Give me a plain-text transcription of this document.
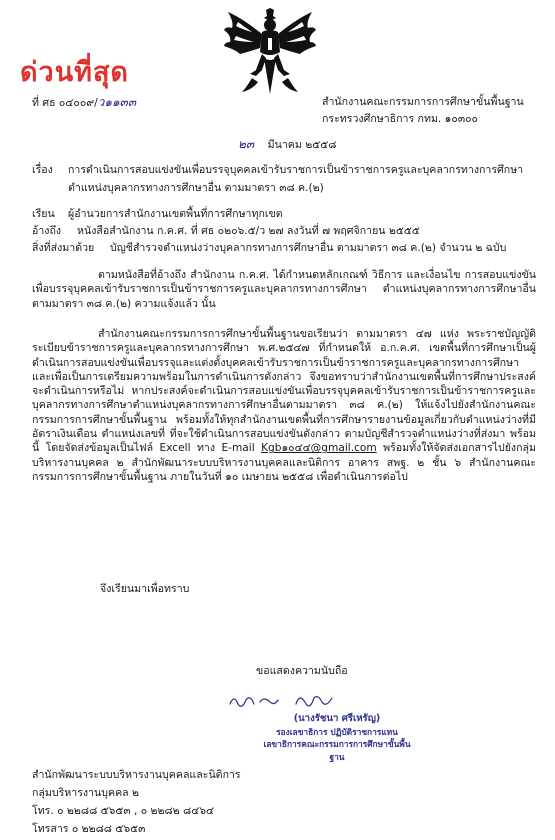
ด่วนที่สุด
ที่ ศธ ๐๔๐๐๙/ว๑๑๓๓	สำนักงานคณะกรรมการการศึกษาขั้นพื้นฐาน
กระทรวงศึกษาธิการ กทม. ๑๐๓๐๐
๒๓ มีนาคม ๒๕๕๘
เรื่อง การดำเนินการสอบแข่งขันเพื่อบรรจุบุคคลเข้ารับราชการเป็นข้าราชการครูและบุคลากรทางการศึกษา
ตำแหน่งบุคลากรทางการศึกษาอื่น ตามมาตรา ๓๘ ค.(๒)
เรียน ผู้อำนวยการสำนักงานเขตพื้นที่การศึกษาทุกเขต
อ้างถึง หนังสือสำนักงาน ก.ค.ศ. ที่ ศธ ๐๒๐๖.๕/ว ๒๗ ลงวันที่ ๗ พฤศจิกายน ๒๕๕๕
สิ่งที่ส่งมาด้วย บัญชีสำรวจตำแหน่งว่างบุคลากรทางการศึกษาอื่น ตามมาตรา ๓๘ ค.(๒) จำนวน ๒ ฉบับ
ตามหนังสือที่อ้างถึง สำนักงาน ก.ค.ศ. ได้กำหนดหลักเกณฑ์ วิธีการ และเงื่อนไข การสอบแข่งขันเพื่อบรรจุบุคคลเข้ารับราชการเป็นข้าราชการครูและบุคลากรทางการศึกษา ตำแหน่งบุคลากรทางการศึกษาอื่น ตามมาตรา ๓๘ ค.(๒) ความแจ้งแล้ว นั้น
สำนักงานคณะกรรมการการศึกษาขั้นพื้นฐานขอเรียนว่า ตามมาตรา ๔๗ แห่ง พระราชบัญญัติระเบียบข้าราชการครูและบุคลากรทางการศึกษา พ.ศ.๒๕๔๗ ที่กำหนดให้ อ.ก.ค.ศ. เขตพื้นที่การศึกษาเป็นผู้ดำเนินการสอบแข่งขันเพื่อบรรจุและแต่งตั้งบุคคลเข้ารับราชการเป็นข้าราชการครูและบุคลากรทางการศึกษา และเพื่อเป็นการเตรียมความพร้อมในการดำเนินการดังกล่าว จึงขอทราบว่าสำนักงานเขตพื้นที่การศึกษาประสงค์จะดำเนินการหรือไม่ หากประสงค์จะดำเนินการสอบแข่งขันเพื่อบรรจุบุคคลเข้ารับราชการเป็นข้าราชการครูและบุคลากรทางการศึกษาตำแหน่งบุคลากรทางการศึกษาอื่นตามมาตรา ๓๘ ค.(๒) ให้แจ้งไปยังสำนักงานคณะกรรมการการศึกษาขั้นพื้นฐาน พร้อมทั้งให้ทุกสำนักงานเขตพื้นที่การศึกษารายงานข้อมูลเกี่ยวกับตำแหน่งว่างที่มีอัตราเงินเดือน ตำแหน่งเลขที่ ที่จะใช้ดำเนินการสอบแข่งขันดังกล่าว ตามบัญชีสำรวจตำแหน่งว่างที่ส่งมา พร้อมนี้ โดยจัดส่งข้อมูลเป็นไฟล์ Excell ทาง E-mail Kgb๑๐๔๔@gmail.com พร้อมทั้งให้จัดส่งเอกสารไปยังกลุ่มบริหารงานบุคคล ๒ สำนักพัฒนาระบบบริหารงานบุคคลและนิติการ อาคาร สพฐ. ๒ ชั้น ๖ สำนักงานคณะกรรมการการศึกษาขั้นพื้นฐาน ภายในวันที่ ๑๐ เมษายน ๒๕๕๘ เพื่อดำเนินการต่อไป
จึงเรียนมาเพื่อทราบ
ขอแสดงความนับถือ
(นางรัชนา ศรีเหรัญ)
รองเลขาธิการ ปฏิบัติราชการแทน
เลขาธิการคณะกรรมการการศึกษาขั้นพื้นฐาน
สำนักพัฒนาระบบบริหารงานบุคคลและนิติการ
กลุ่มบริหารงานบุคคล ๒
โทร. ๐ ๒๒๘๘ ๕๖๕๓ , ๐ ๒๒๘๒ ๘๔๖๔
โทรสาร ๐ ๒๒๘๘ ๕๖๕๓
